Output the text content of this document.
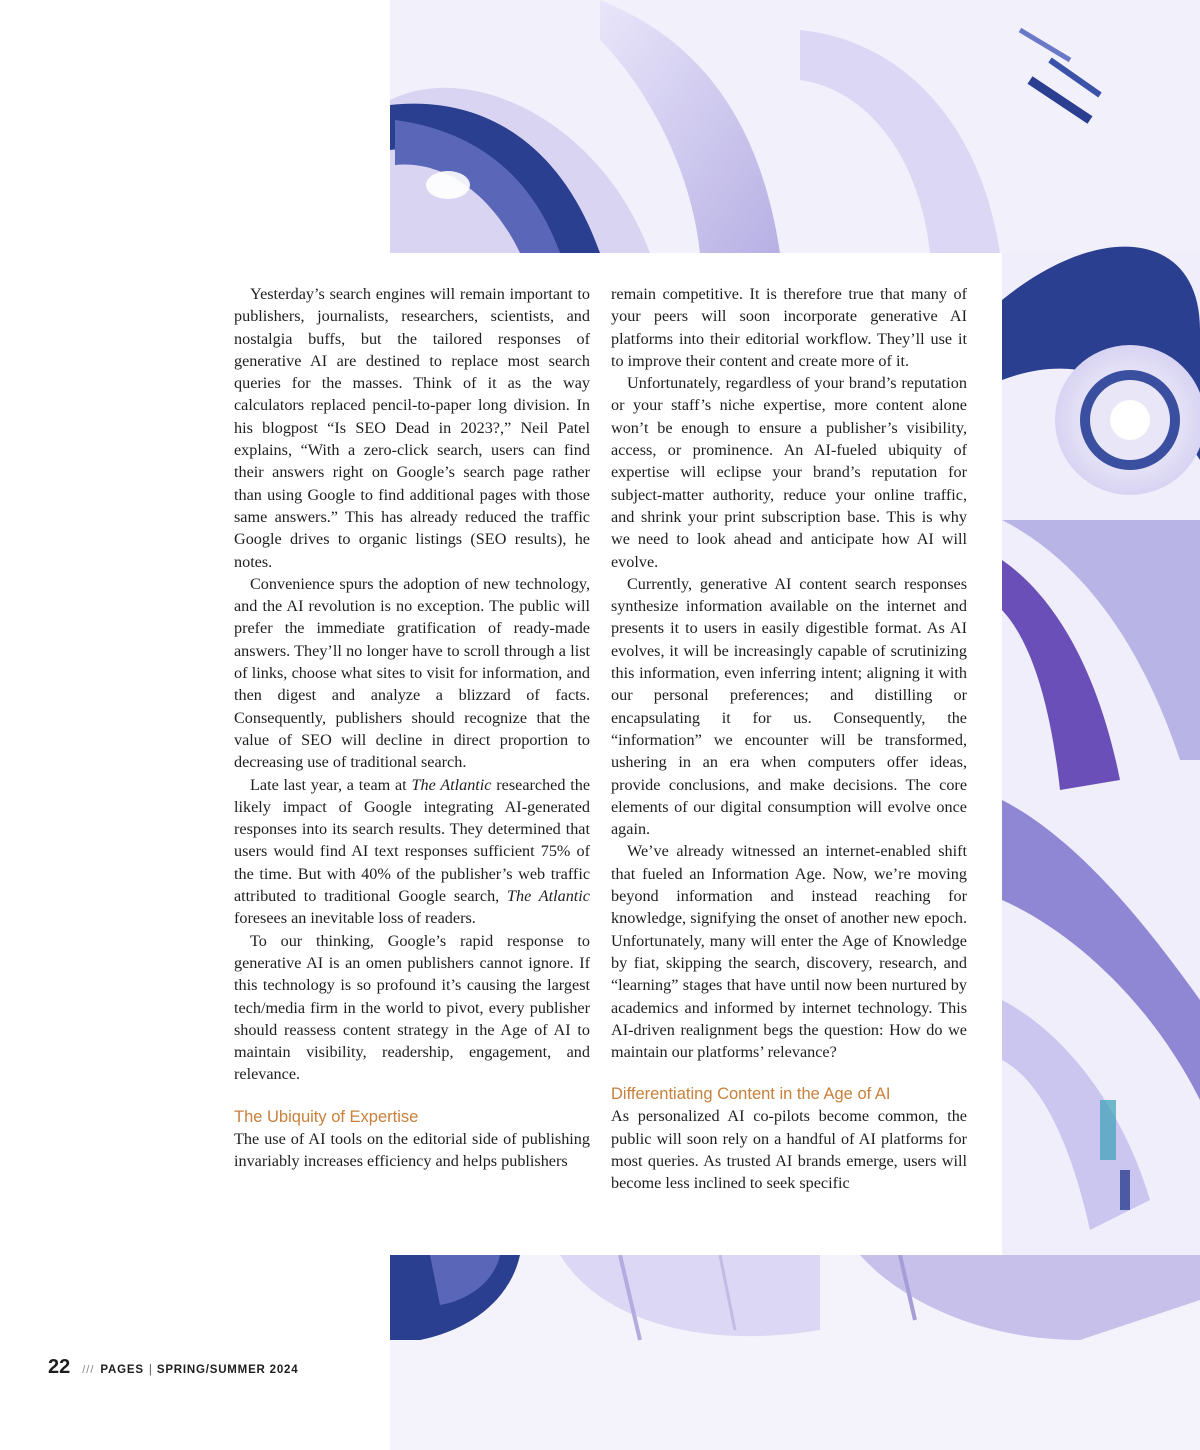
Yesterday’s search engines will remain important to publishers, journalists, researchers, scientists, and nostalgia buffs, but the tailored responses of generative AI are destined to replace most search queries for the masses. Think of it as the way calculators replaced pencil-to-paper long division. In his blogpost “Is SEO Dead in 2023?,” Neil Patel explains, “With a zero-click search, users can find their answers right on Google’s search page rather than using Google to find additional pages with those same answers.” This has already reduced the traffic Google drives to organic listings (SEO results), he notes.

Convenience spurs the adoption of new technology, and the AI revolution is no exception. The public will prefer the immediate gratification of ready-made answers. They’ll no longer have to scroll through a list of links, choose what sites to visit for information, and then digest and analyze a blizzard of facts. Consequently, publishers should recognize that the value of SEO will decline in direct proportion to decreasing use of traditional search.

Late last year, a team at The Atlantic researched the likely impact of Google integrating AI-generated responses into its search results. They determined that users would find AI text responses sufficient 75% of the time. But with 40% of the publisher’s web traffic attributed to traditional Google search, The Atlantic foresees an inevitable loss of readers.

To our thinking, Google’s rapid response to generative AI is an omen publishers cannot ignore. If this technology is so profound it’s causing the largest tech/media firm in the world to pivot, every publisher should reassess content strategy in the Age of AI to maintain visibility, readership, engagement, and relevance.

The Ubiquity of Expertise

The use of AI tools on the editorial side of publishing invariably increases efficiency and helps publishers

remain competitive. It is therefore true that many of your peers will soon incorporate generative AI platforms into their editorial workflow. They’ll use it to improve their content and create more of it.

Unfortunately, regardless of your brand’s reputation or your staff’s niche expertise, more content alone won’t be enough to ensure a publisher’s visibility, access, or prominence. An AI-fueled ubiquity of expertise will eclipse your brand’s reputation for subject-matter authority, reduce your online traffic, and shrink your print subscription base. This is why we need to look ahead and anticipate how AI will evolve.

Currently, generative AI content search responses synthesize information available on the internet and presents it to users in easily digestible format. As AI evolves, it will be increasingly capable of scrutinizing this information, even inferring intent; aligning it with our personal preferences; and distilling or encapsulating it for us. Consequently, the “information” we encounter will be transformed, ushering in an era when computers offer ideas, provide conclusions, and make decisions. The core elements of our digital consumption will evolve once again.

We’ve already witnessed an internet-enabled shift that fueled an Information Age. Now, we’re moving beyond information and instead reaching for knowledge, signifying the onset of another new epoch. Unfortunately, many will enter the Age of Knowledge by fiat, skipping the search, discovery, research, and “learning” stages that have until now been nurtured by academics and informed by internet technology. This AI-driven realignment begs the question: How do we maintain our platforms’ relevance?

Differentiating Content in the Age of AI

As personalized AI co-pilots become common, the public will soon rely on a handful of AI platforms for most queries. As trusted AI brands emerge, users will become less inclined to seek specific

22 /// PAGES | SPRING/SUMMER 2024
